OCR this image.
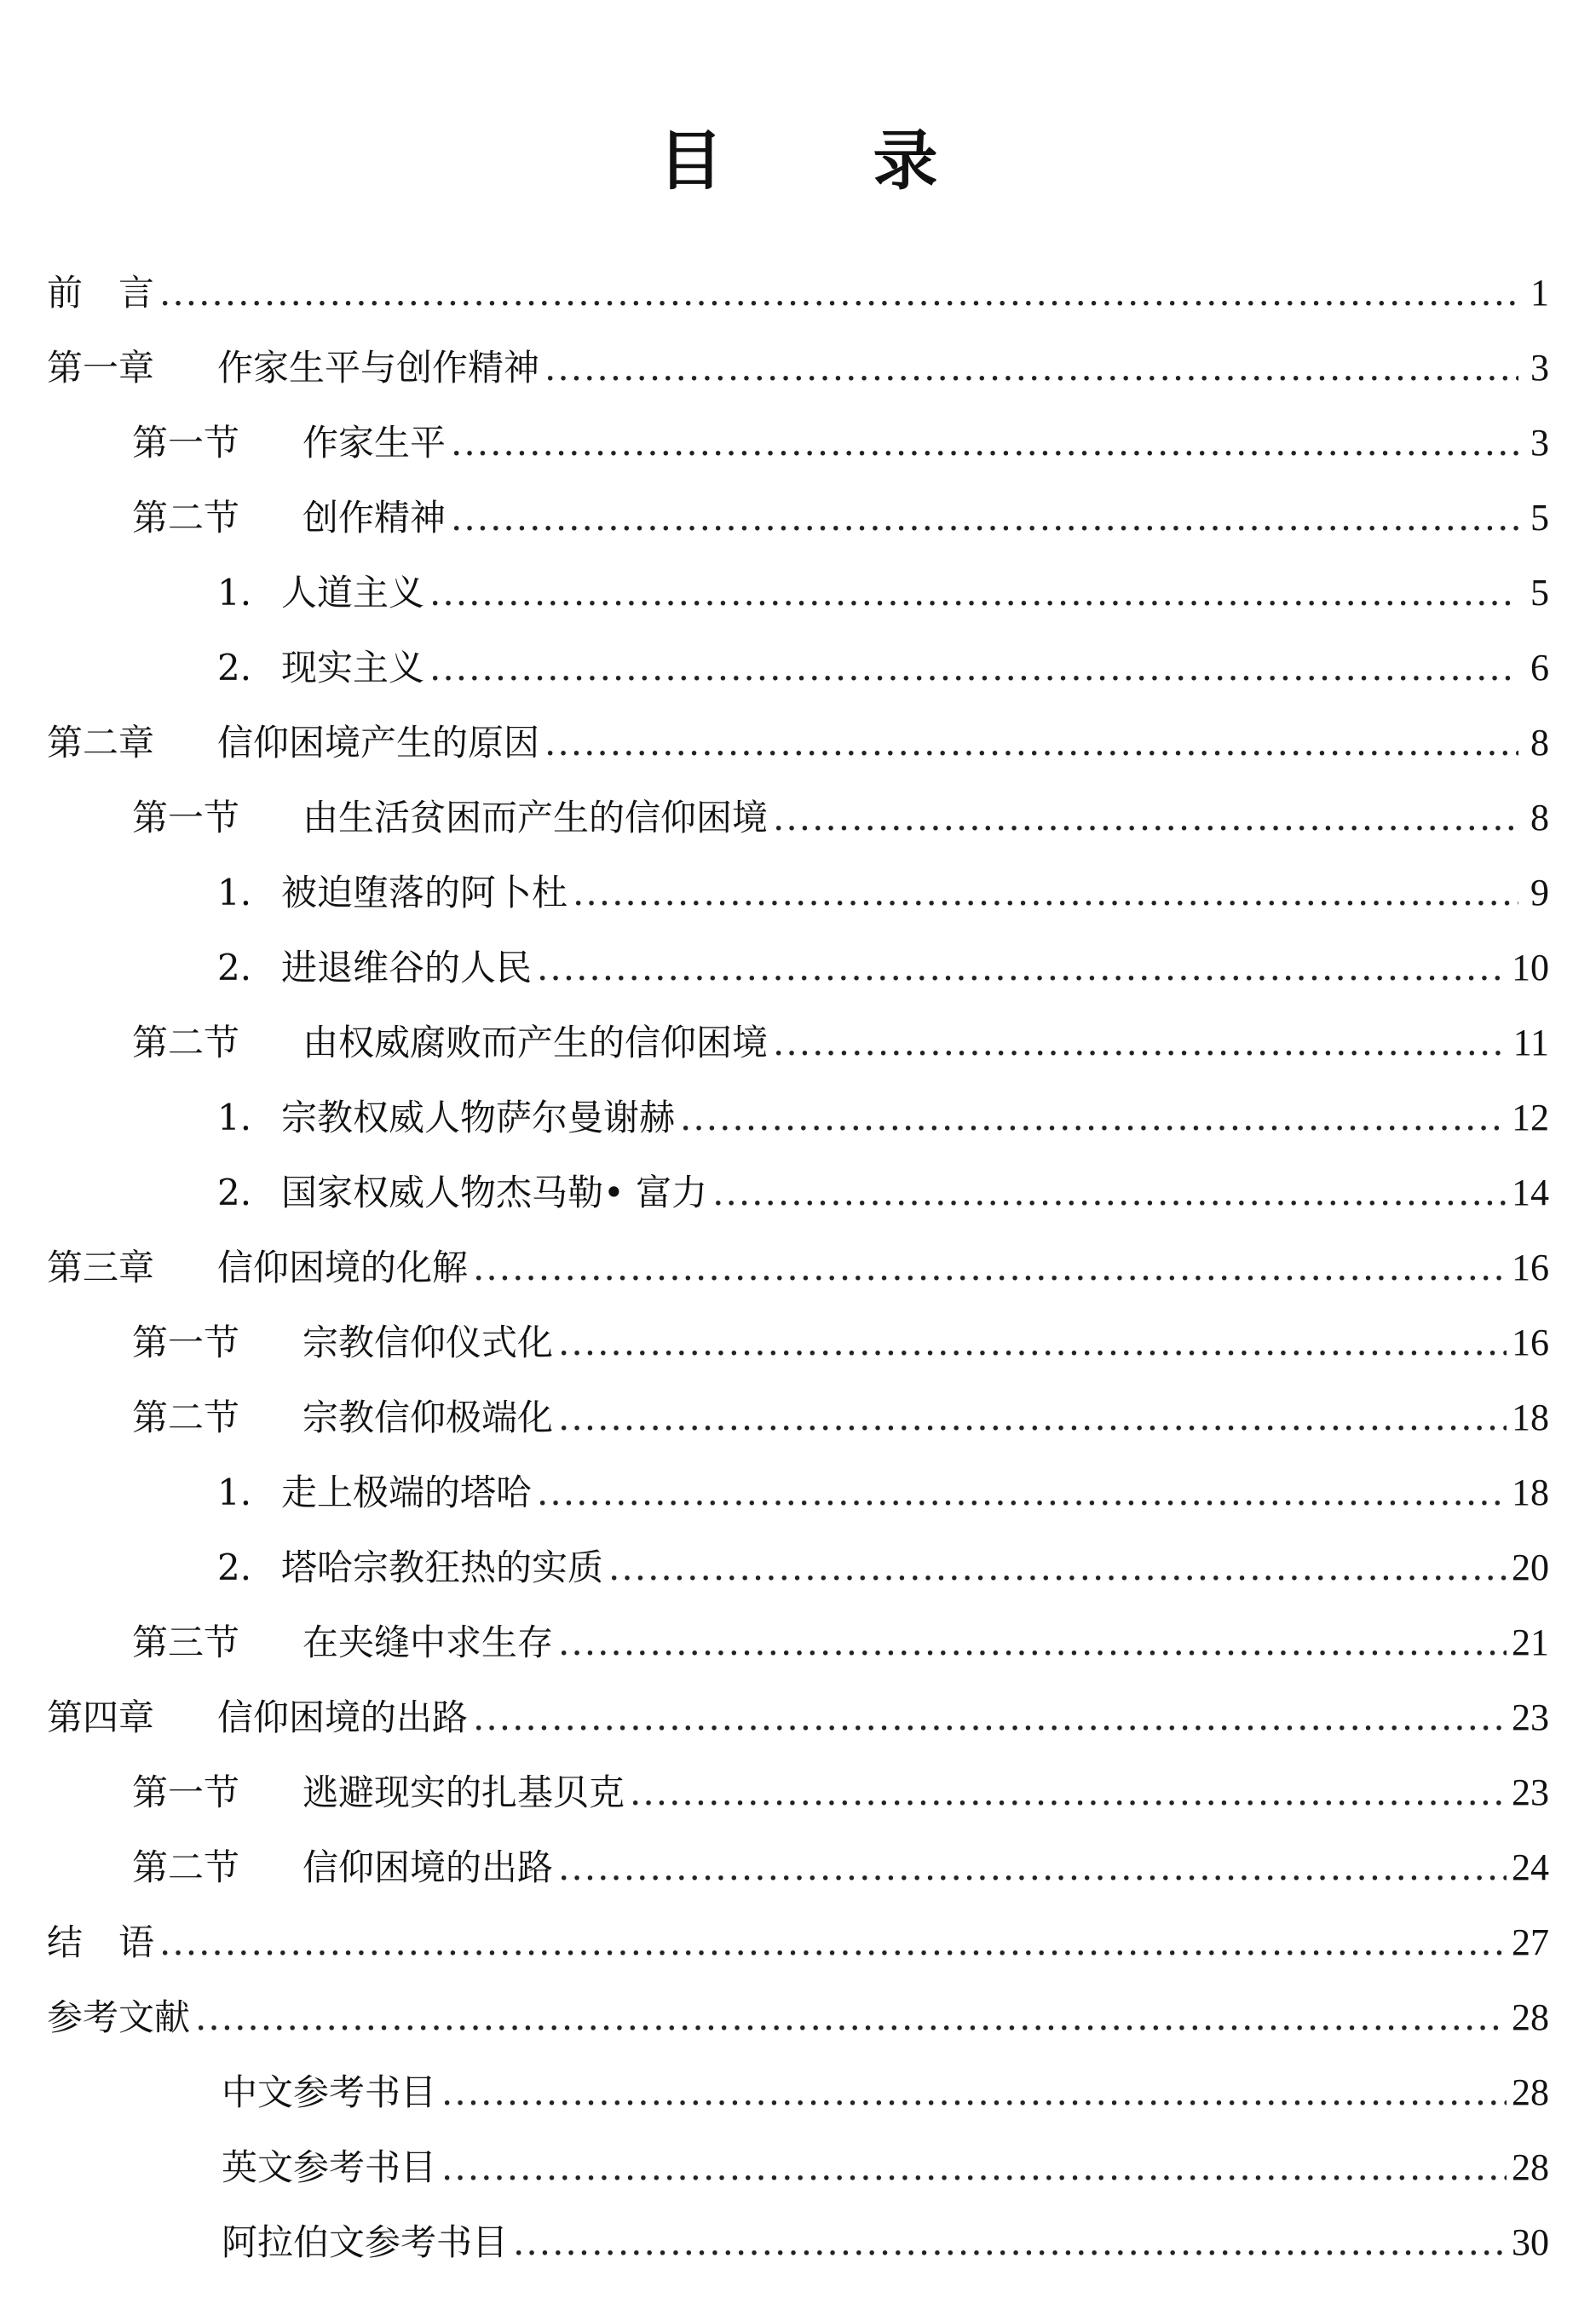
目　录
前　言 .....	1
第一章	作家生平与创作精神 .....	3
第一节	作家生平 .....	3
第二节	创作精神 .....	5
1. 人道主义 .....	5
2. 现实主义 .....	6
第二章	信仰困境产生的原因 .....	8
第一节	由生活贫困而产生的信仰困境 .....	8
1. 被迫堕落的阿卜杜 .....	9
2. 进退维谷的人民 .....	10
第二节	由权威腐败而产生的信仰困境 .....	11
1. 宗教权威人物萨尔曼谢赫 .....	12
2. 国家权威人物杰马勒• 富力 .....	14
第三章	信仰困境的化解 .....	16
第一节	宗教信仰仪式化 .....	16
第二节	宗教信仰极端化 .....	18
1. 走上极端的塔哈 .....	18
2. 塔哈宗教狂热的实质 .....	20
第三节	在夹缝中求生存 .....	21
第四章	信仰困境的出路 .....	23
第一节	逃避现实的扎基贝克 .....	23
第二节	信仰困境的出路 .....	24
结　语 .....	27
参考文献 .....	28
中文参考书目 .....	28
英文参考书目 .....	28
阿拉伯文参考书目 .....	30
